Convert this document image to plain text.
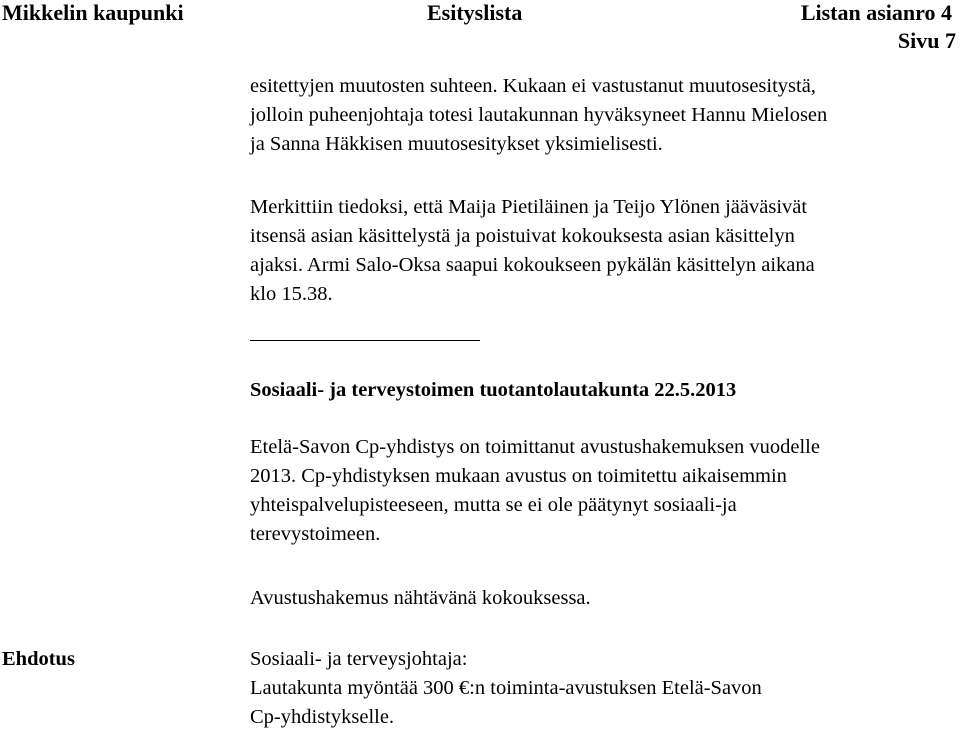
Mikkelin kaupunki	Esityslista	Listan asianro 4
Sivu 7
esitettyjen muutosten suhteen. Kukaan ei vastustanut muutosesitystä,
jolloin puheenjohtaja totesi lautakunnan hyväksyneet Hannu Mielosen
ja Sanna Häkkisen muutosesitykset yksimielisesti.
Merkittiin tiedoksi, että Maija Pietiläinen ja Teijo Ylönen jääväsivät
itsensä asian käsittelystä ja poistuivat kokouksesta asian käsittelyn
ajaksi. Armi Salo-Oksa saapui kokoukseen pykälän käsittelyn aikana
klo 15.38.
Sosiaali- ja terveystoimen tuotantolautakunta 22.5.2013
Etelä-Savon Cp-yhdistys on toimittanut avustushakemuksen vuodelle
2013. Cp-yhdistyksen mukaan avustus on toimitettu aikaisemmin
yhteispalvelupisteeseen, mutta se ei ole päätynyt sosiaali-ja
terevystoimeen.
Avustushakemus nähtävänä kokouksessa.
Ehdotus	Sosiaali- ja terveysjohtaja:
Lautakunta myöntää 300 €:n toiminta-avustuksen Etelä-Savon
Cp-yhdistykselle.
